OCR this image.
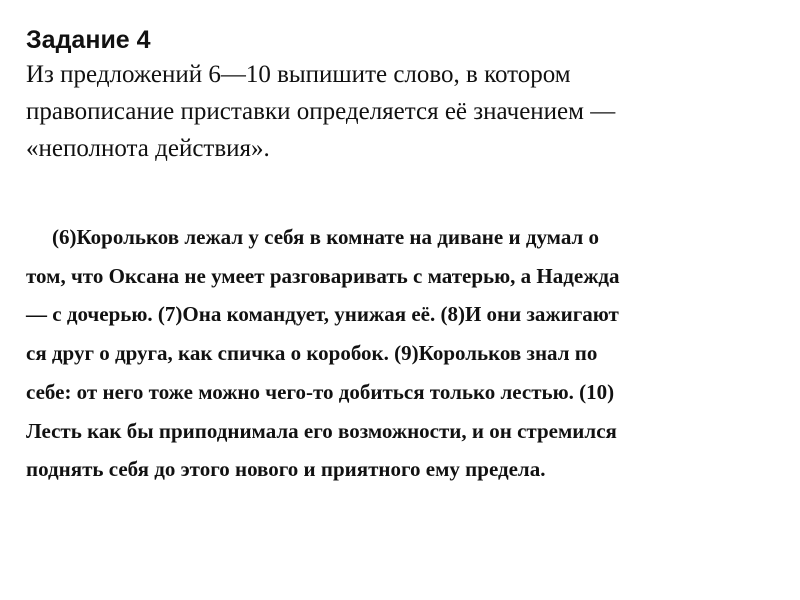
Задание 4
Из предложений 6—10 выпишите слово, в котором
правописание приставки определяется её значением —
«неполнота действия».
(6)Корольков лежал у себя в комнате на диване и думал о
том, что Оксана не умеет разговаривать с матерью, а Надежда
— с дочерью. (7)Она командует, унижая её. (8)И они зажигают
ся друг о друга, как спичка о коробок. (9)Корольков знал по
себе: от него тоже можно чего-то добиться только лестью. (10)
Лесть как бы приподнимала его возможности, и он стремился
поднять себя до этого нового и приятного ему предела.
